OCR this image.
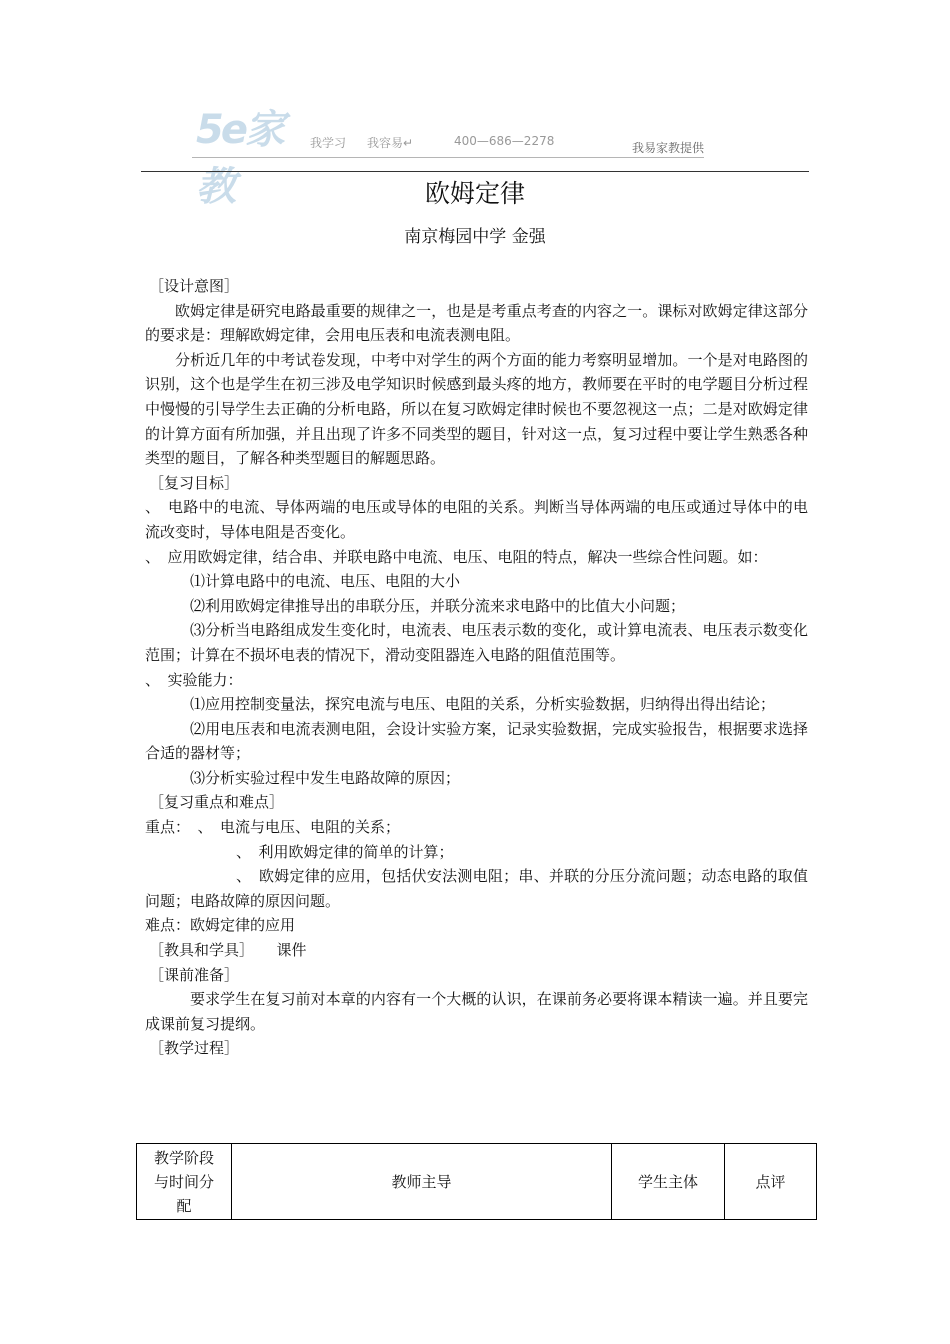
5e家教
我学习 我容易↵	400—686—2278	我易家教提供
欧姆定律
南京梅园中学 金强

［设计意图］

欧姆定律是研究电路最重要的规律之一，也是是考重点考查的内容之一。课标对欧姆定律这部分的要求是：理解欧姆定律，会用电压表和电流表测电阻。

分析近几年的中考试卷发现，中考中对学生的两个方面的能力考察明显增加。一个是对电路图的识别，这个也是学生在初三涉及电学知识时候感到最头疼的地方，教师要在平时的电学题目分析过程中慢慢的引导学生去正确的分析电路，所以在复习欧姆定律时候也不要忽视这一点；二是对欧姆定律的计算方面有所加强，并且出现了许多不同类型的题目，针对这一点，复习过程中要让学生熟悉各种类型的题目，了解各种类型题目的解题思路。

［复习目标］

、　电路中的电流、导体两端的电压或导体的电阻的关系。判断当导体两端的电压或通过导体中的电流改变时，导体电阻是否变化。

、　应用欧姆定律，结合串、并联电路中电流、电压、电阻的特点，解决一些综合性问题。如：

⑴计算电路中的电流、电压、电阻的大小

⑵利用欧姆定律推导出的串联分压，并联分流来求电路中的比值大小问题；

⑶分析当电路组成发生变化时，电流表、电压表示数的变化，或计算电流表、电压表示数变化范围；计算在不损坏电表的情况下，滑动变阻器连入电路的阻值范围等。

、　实验能力：

⑴应用控制变量法，探究电流与电压、电阻的关系，分析实验数据，归纳得出得出结论；

⑵用电压表和电流表测电阻，会设计实验方案，记录实验数据，完成实验报告，根据要求选择合适的器材等；

⑶分析实验过程中发生电路故障的原因；

［复习重点和难点］

重点：　、　电流与电压、电阻的关系；

、　利用欧姆定律的简单的计算；

、　欧姆定律的应用，包括伏安法测电阻；串、并联的分压分流问题；动态电路的取值问题；电路故障的原因问题。

难点：欧姆定律的应用

［教具和学具］　　课件

［课前准备］

要求学生在复习前对本章的内容有一个大概的认识，在课前务必要将课本精读一遍。并且要完成课前复习提纲。

［教学过程］

教学阶段
与时间分
配
	教师主导	学生主体	点评
